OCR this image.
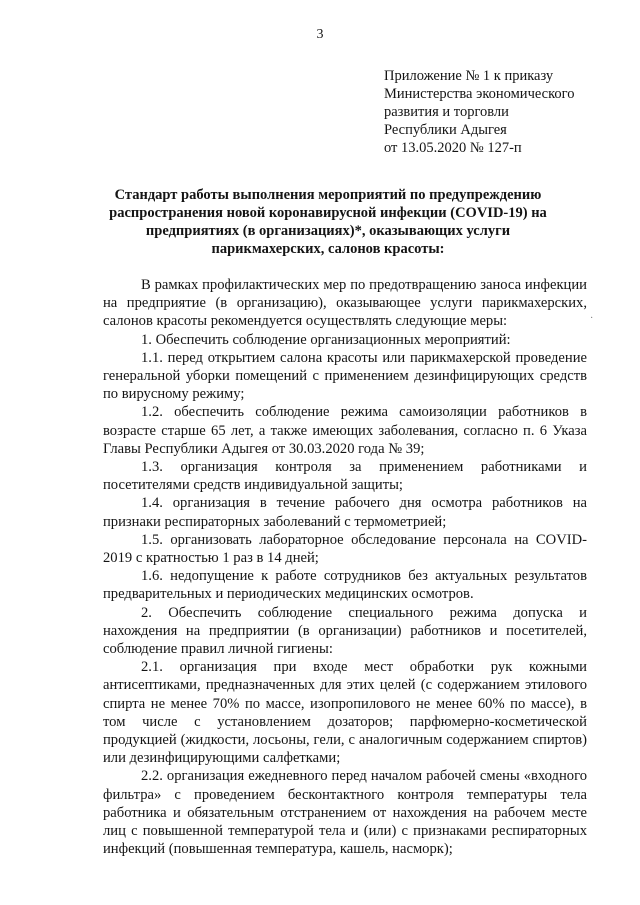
3
Приложение № 1 к приказу
Министерства экономического
развития и торговли
Республики Адыгея
от 13.05.2020 № 127-п
Стандарт работы выполнения мероприятий по предупреждению
распространения новой коронавирусной инфекции (COVID-19) на
предприятиях (в организациях)*, оказывающих услуги
парикмахерских, салонов красоты:

В рамках профилактических мер по предотвращению заноса инфекции на предприятие (в организацию), оказывающее услуги парикмахерских, салонов красоты рекомендуется осуществлять следующие меры:

1. Обеспечить соблюдение организационных мероприятий:

1.1. перед открытием салона красоты или парикмахерской проведение генеральной уборки помещений с применением дезинфицирующих средств по вирусному режиму;

1.2. обеспечить соблюдение режима самоизоляции работников в возрасте старше 65 лет, а также имеющих заболевания, согласно п. 6 Указа Главы Республики Адыгея от 30.03.2020 года № 39;

1.3. организация контроля за применением работниками и посетителями средств индивидуальной защиты;

1.4. организация в течение рабочего дня осмотра работников на признаки респираторных заболеваний с термометрией;

1.5. организовать лабораторное обследование персонала на COVID-2019 с кратностью 1 раз в 14 дней;

1.6. недопущение к работе сотрудников без актуальных результатов предварительных и периодических медицинских осмотров.

2. Обеспечить соблюдение специального режима допуска и нахождения на предприятии (в организации) работников и посетителей, соблюдение правил личной гигиены:

2.1. организация при входе мест обработки рук кожными антисептиками, предназначенных для этих целей (с содержанием этилового спирта не менее 70% по массе, изопропилового не менее 60% по массе), в том числе с установлением дозаторов; парфюмерно-косметической продукцией (жидкости, лосьоны, гели, с аналогичным содержанием спиртов) или дезинфицирующими салфетками;

2.2. организация ежедневного перед началом рабочей смены «входного фильтра» с проведением бесконтактного контроля температуры тела работника и обязательным отстранением от нахождения на рабочем месте лиц с повышенной температурой тела и (или) с признаками респираторных инфекций (повышенная температура, кашель, насморк);

·
